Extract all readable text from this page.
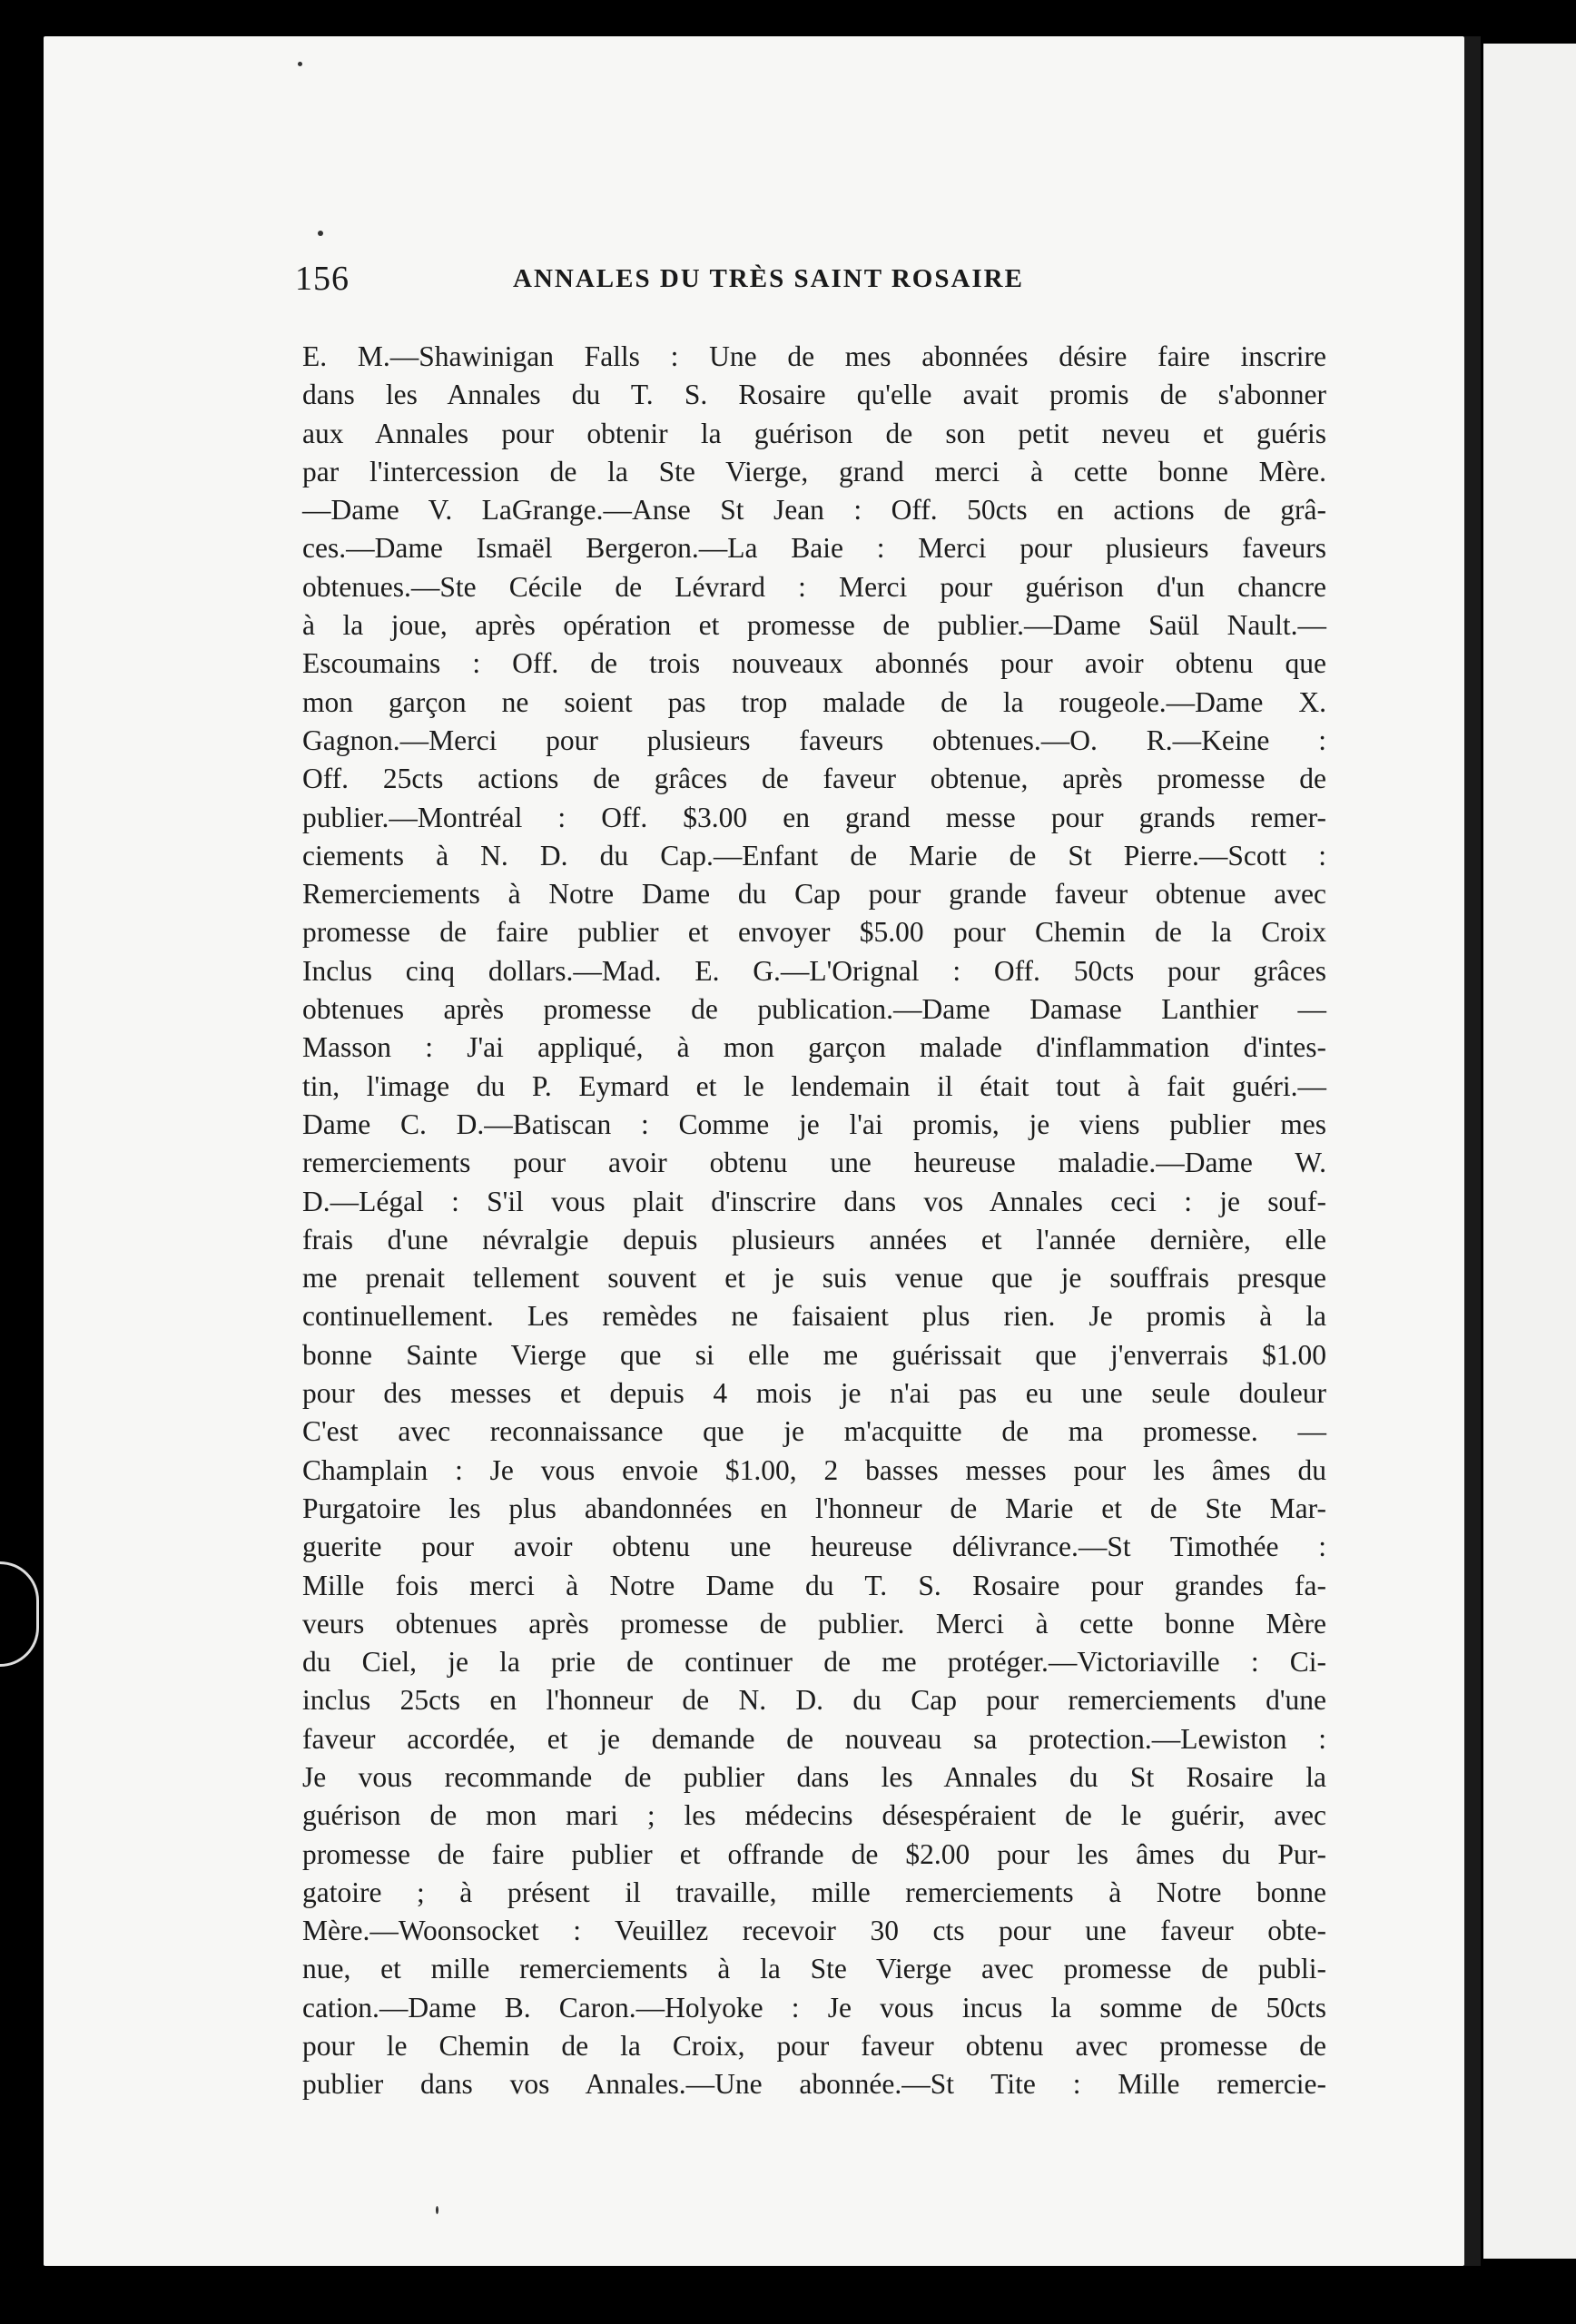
156	ANNALES DU TRÈS SAINT ROSAIRE
E. M.—Shawinigan Falls : Une de mes abonnées désire faire inscrire
dans les Annales du T. S. Rosaire qu'elle avait promis de s'abonner
aux Annales pour obtenir la guérison de son petit neveu et guéris
par l'intercession de la Ste Vierge, grand merci à cette bonne Mère.
—Dame V. LaGrange.—Anse St Jean : Off. 50cts en actions de grâ-
ces.—Dame Ismaël Bergeron.—La Baie : Merci pour plusieurs faveurs
obtenues.—Ste Cécile de Lévrard : Merci pour guérison d'un chancre
à la joue, après opération et promesse de publier.—Dame Saül Nault.—
Escoumains : Off. de trois nouveaux abonnés pour avoir obtenu que
mon garçon ne soient pas trop malade de la rougeole.—Dame X.
Gagnon.—Merci pour plusieurs faveurs obtenues.—O. R.—Keine :
Off. 25cts actions de grâces de faveur obtenue, après promesse de
publier.—Montréal : Off. $3.00 en grand messe pour grands remer-
ciements à N. D. du Cap.—Enfant de Marie de St Pierre.—Scott :
Remerciements à Notre Dame du Cap pour grande faveur obtenue avec
promesse de faire publier et envoyer $5.00 pour Chemin de la Croix
Inclus cinq dollars.—Mad. E. G.—L'Orignal : Off. 50cts pour grâces
obtenues après promesse de publication.—Dame Damase Lanthier —
Masson : J'ai appliqué, à mon garçon malade d'inflammation d'intes-
tin, l'image du P. Eymard et le lendemain il était tout à fait guéri.—
Dame C. D.—Batiscan : Comme je l'ai promis, je viens publier mes
remerciements pour avoir obtenu une heureuse maladie.—Dame W.
D.—Légal : S'il vous plait d'inscrire dans vos Annales ceci : je souf-
frais d'une névralgie depuis plusieurs années et l'année dernière, elle
me prenait tellement souvent et je suis venue que je souffrais presque
continuellement. Les remèdes ne faisaient plus rien. Je promis à la
bonne Sainte Vierge que si elle me guérissait que j'enverrais $1.00
pour des messes et depuis 4 mois je n'ai pas eu une seule douleur
C'est avec reconnaissance que je m'acquitte de ma promesse. —
Champlain : Je vous envoie $1.00, 2 basses messes pour les âmes du
Purgatoire les plus abandonnées en l'honneur de Marie et de Ste Mar-
guerite pour avoir obtenu une heureuse délivrance.—St Timothée :
Mille fois merci à Notre Dame du T. S. Rosaire pour grandes fa-
veurs obtenues après promesse de publier. Merci à cette bonne Mère
du Ciel, je la prie de continuer de me protéger.—Victoriaville : Ci-
inclus 25cts en l'honneur de N. D. du Cap pour remerciements d'une
faveur accordée, et je demande de nouveau sa protection.—Lewiston :
Je vous recommande de publier dans les Annales du St Rosaire la
guérison de mon mari ; les médecins désespéraient de le guérir, avec
promesse de faire publier et offrande de $2.00 pour les âmes du Pur-
gatoire ; à présent il travaille, mille remerciements à Notre bonne
Mère.—Woonsocket : Veuillez recevoir 30 cts pour une faveur obte-
nue, et mille remerciements à la Ste Vierge avec promesse de publi-
cation.—Dame B. Caron.—Holyoke : Je vous incus la somme de 50cts
pour le Chemin de la Croix, pour faveur obtenu avec promesse de
publier dans vos Annales.—Une abonnée.—St Tite : Mille remercie-
